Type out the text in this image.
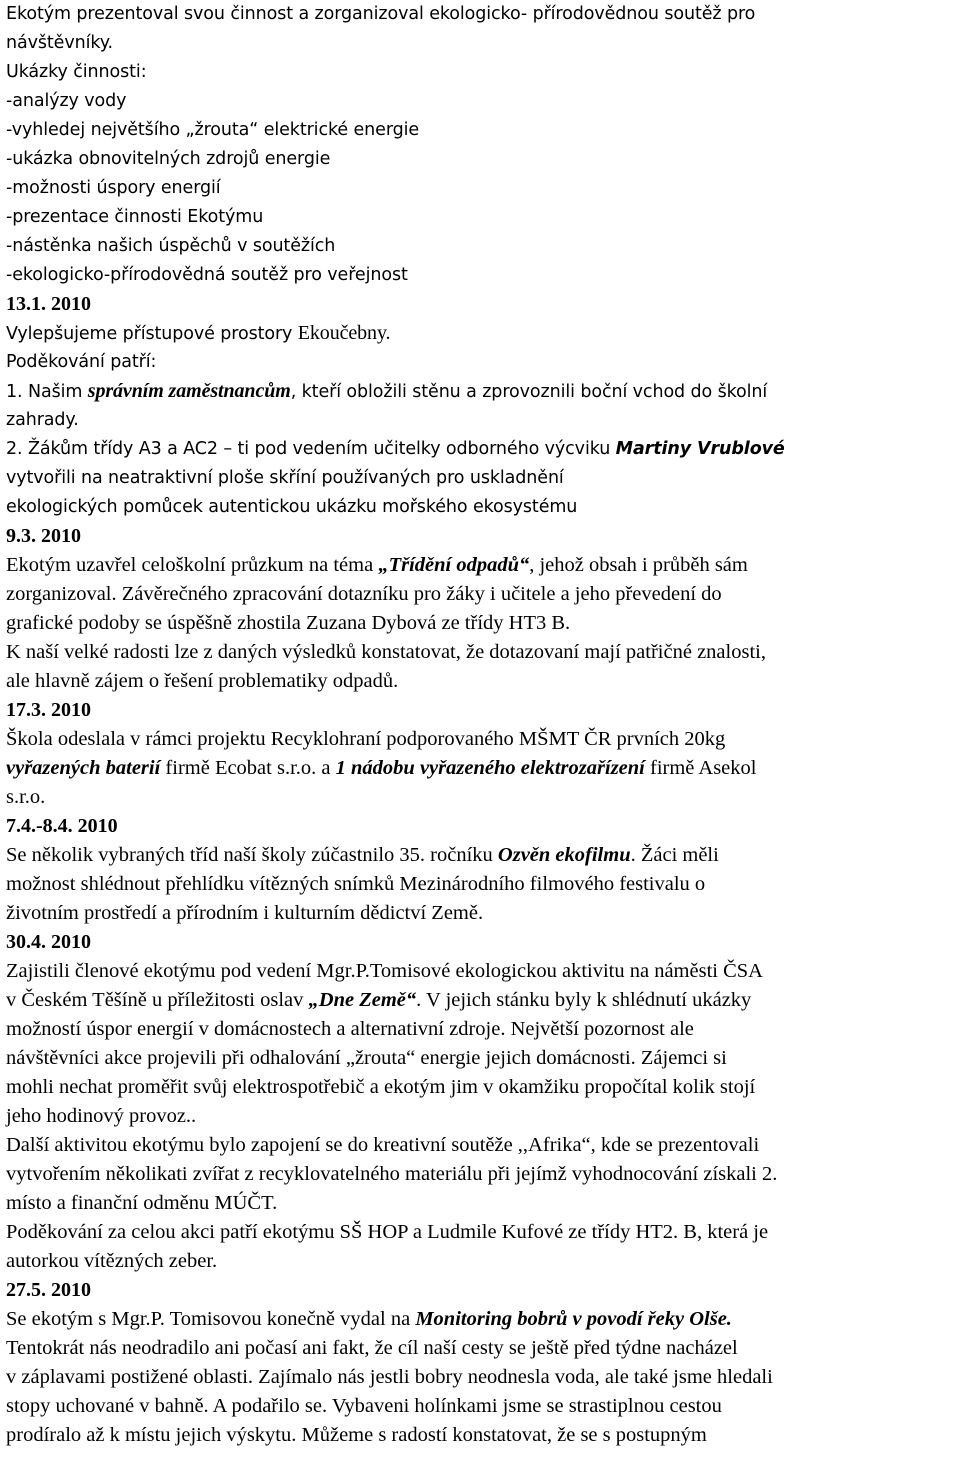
Ekotým prezentoval svou činnost a zorganizoval ekologicko- přírodovědnou soutěž pro
návštěvníky.
Ukázky činnosti:
-analýzy vody
-vyhledej největšího „žrouta“ elektrické energie
-ukázka obnovitelných zdrojů energie
-možnosti úspory energií
-prezentace činnosti Ekotýmu
-nástěnka našich úspěchů v soutěžích
-ekologicko-přírodovědná soutěž pro veřejnost
13.1. 2010
Vylepšujeme přístupové prostory Ekoučebny.
Poděkování patří:
1. Našim správním zaměstnancům, kteří obložili stěnu a zprovoznili boční vchod do školní
zahrady.
2. Žákům třídy A3 a AC2 – ti pod vedením učitelky odborného výcviku Martiny Vrublové
vytvořili na neatraktivní ploše skříní používaných pro uskladnění
ekologických pomůcek autentickou ukázku mořského ekosystému
9.3. 2010
Ekotým uzavřel celoškolní průzkum na téma „Třídění odpadů“, jehož obsah i průběh sám
zorganizoval. Závěrečného zpracování dotazníku pro žáky i učitele a jeho převedení do
grafické podoby se úspěšně zhostila Zuzana Dybová ze třídy HT3 B.
K naší velké radosti lze z daných výsledků konstatovat, že dotazovaní mají patřičné znalosti,
ale hlavně zájem o řešení problematiky odpadů.
17.3. 2010
Škola odeslala v rámci projektu Recyklohraní podporovaného MŠMT ČR prvních 20kg
vyřazených baterií firmě Ecobat s.r.o. a 1 nádobu vyřazeného elektrozařízení firmě Asekol
s.r.o.
7.4.-8.4. 2010
Se několik vybraných tříd naší školy zúčastnilo 35. ročníku Ozvěn ekofilmu. Žáci měli
možnost shlédnout přehlídku vítězných snímků Mezinárodního filmového festivalu o
životním prostředí a přírodním i kulturním dědictví Země.
30.4. 2010
Zajistili členové ekotýmu pod vedení Mgr.P.Tomisové ekologickou aktivitu na náměsti ČSA
v Českém Těšíně u příležitosti oslav „Dne Země“. V jejich stánku byly k shlédnutí ukázky
možností úspor energií v domácnostech a alternativní zdroje. Největší pozornost ale
návštěvníci akce projevili při odhalování „žrouta“ energie jejich domácnosti. Zájemci si
mohli nechat proměřit svůj elektrospotřebič a ekotým jim v okamžiku propočítal kolik stojí
jeho hodinový provoz..
Další aktivitou ekotýmu bylo zapojení se do kreativní soutěže ,,Afrika“, kde se prezentovali
vytvořením několikati zvířat z recyklovatelného materiálu při jejímž vyhodnocování získali 2.
místo a finanční odměnu MÚČT.
Poděkování za celou akci patří ekotýmu SŠ HOP a Ludmile Kufové ze třídy HT2. B, která je
autorkou vítězných zeber.
27.5. 2010
Se ekotým s Mgr.P. Tomisovou konečně vydal na Monitoring bobrů v povodí řeky Olše.
Tentokrát nás neodradilo ani počasí ani fakt, že cíl naší cesty se ještě před týdne nacházel
v záplavami postižené oblasti. Zajímalo nás jestli bobry neodnesla voda, ale také jsme hledali
stopy uchované v bahně. A podařilo se. Vybaveni holínkami jsme se strastiplnou cestou
prodíralo až k místu jejich výskytu. Můžeme s radostí konstatovat, že se s postupným
